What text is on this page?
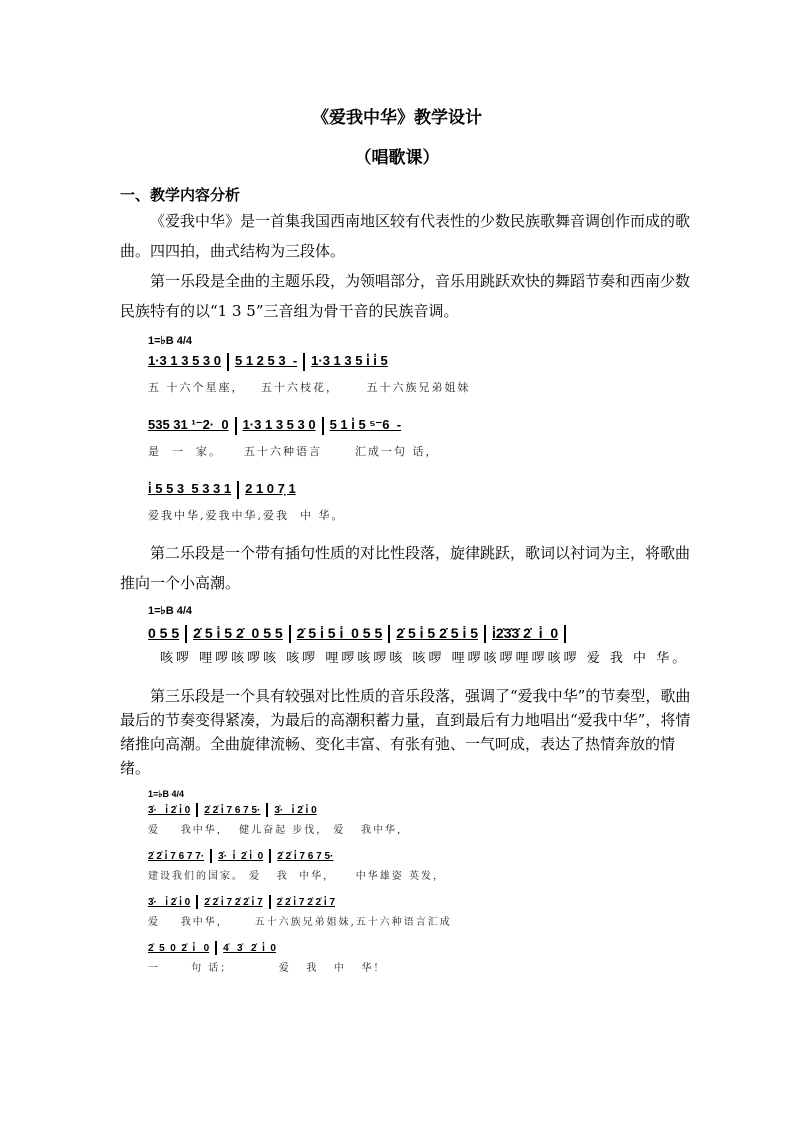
《爱我中华》教学设计
（唱歌课）
一、教学内容分析
《爱我中华》是一首集我国西南地区较有代表性的少数民族歌舞音调创作而成的歌曲。四四拍，曲式结构为三段体。
第一乐段是全曲的主题乐段，为领唱部分，音乐用跳跃欢快的舞蹈节奏和西南少数民族特有的以“1 3 5”三音组为骨干音的民族音调。
1=♭B 4/4
1·3 1 3 5 3 0 5 1 2 5 3  - 1·3 1 3 5 i̇ i̇ 5
五 十六个星座，   五十六枝花，     五十六族兄弟姐妹
535 31 ¹⁻2·  0 1·3 1 3 5 3 0 5 1 i̇ 5 ⁵⁻6  -
是  一  家。    五十六种语言      汇成一句 话，
i̇ 5 5 3  5 3 3 1 2 1 0 7̣ 1
爱我中华,爱我中华,爱我  中 华。
第二乐段是一个带有插句性质的对比性段落，旋律跳跃，歌词以衬词为主，将歌曲推向一个小高潮。
1=♭B 4/4
0 5 5 2̇ 5 i̇ 5 2̇  0 5 5 2̇ 5 i̇ 5 i̇  0 5 5 2̇ 5 i̇ 5 2̇ 5 i̇ 5 i̇2̇3̇3̇ 2̇  i̇  0
咳啰 哩啰咳啰咳 咳啰 哩啰咳啰咳 咳啰 哩啰咳啰哩啰咳啰 爱 我 中 华。
第三乐段是一个具有较强对比性质的音乐段落，强调了“爱我中华”的节奏型，歌曲最后的节奏变得紧凑，为最后的高潮积蓄力量，直到最后有力地唱出“爱我中华”，将情绪推向高潮。全曲旋律流畅、变化丰富、有张有弛、一气呵成，表达了热情奔放的情绪。
1=♭B 4/4
3̇·   i̇ 2̇ i̇ 0 2̇ 2̇ i̇ 7 6 7 5· 3̇·   i̇ 2̇ i̇ 0
爱    我中华，  健儿奋起 步伐， 爱   我中华，
2̇ 2̇ i̇ 7 6 7 7· 3̇·  i̇  2̇ i̇  0 2̇ 2̇ i̇ 7 6 7 5·
建设我们的国家。 爱   我  中华，    中华雄姿 英发，
3̇·   i̇ 2̇ i̇ 0 2̇ 2̇ i̇ 7 2̇ 2̇ i̇ 7 2̇ 2̇ i̇ 7 2̇ 2̇ i̇ 7
爱    我中华，     五十六族兄弟姐妹,五十六种语言汇成
2̇  5  0  2̇  i̇   0 4̇   3̇   2̇  i̇  0
一      句 话；         爱   我   中   华！
